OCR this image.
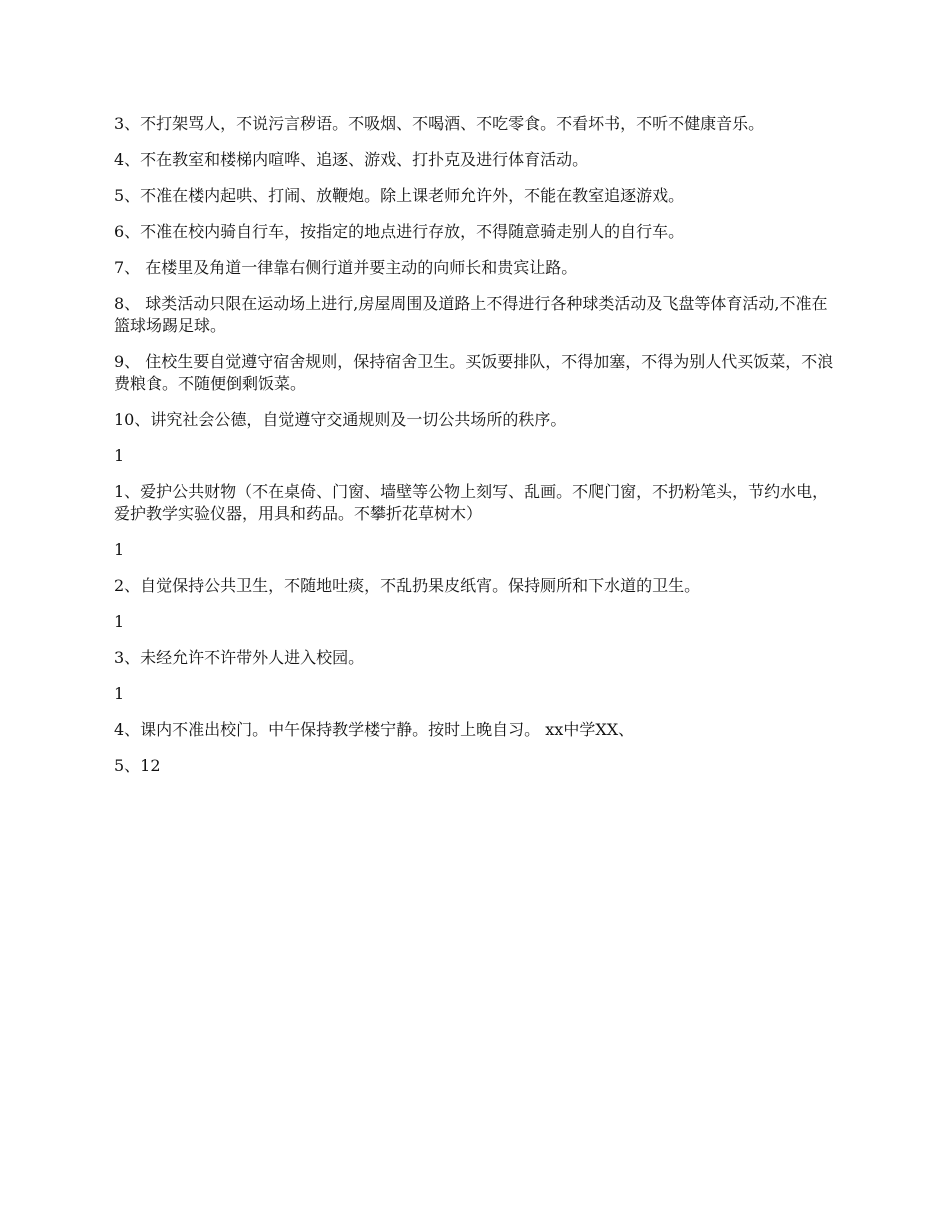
3、不打架骂人，不说污言秽语。不吸烟、不喝酒、不吃零食。不看坏书，不听不健康音乐。

4、不在教室和楼梯内喧哗、追逐、游戏、打扑克及进行体育活动。

5、不准在楼内起哄、打闹、放鞭炮。除上课老师允许外，不能在教室追逐游戏。

6、不准在校内骑自行车，按指定的地点进行存放，不得随意骑走别人的自行车。

7、 在楼里及角道一律靠右侧行道并要主动的向师长和贵宾让路。

8、 球类活动只限在运动场上进行,房屋周围及道路上不得进行各种球类活动及飞盘等体育活动,不准在篮球场踢足球。

9、 住校生要自觉遵守宿舍规则，保持宿舍卫生。买饭要排队，不得加塞，不得为别人代买饭菜，不浪费粮食。不随便倒剩饭菜。

10、讲究社会公德，自觉遵守交通规则及一切公共场所的秩序。

1

1、爱护公共财物（不在桌倚、门窗、墙壁等公物上刻写、乱画。不爬门窗，不扔粉笔头，节约水电，爱护教学实验仪器，用具和药品。不攀折花草树木）

1

2、自觉保持公共卫生，不随地吐痰，不乱扔果皮纸宵。保持厕所和下水道的卫生。

1

3、未经允许不许带外人进入校园。

1

4、课内不准出校门。中午保持教学楼宁静。按时上晚自习。 xx中学XX、

5、12
